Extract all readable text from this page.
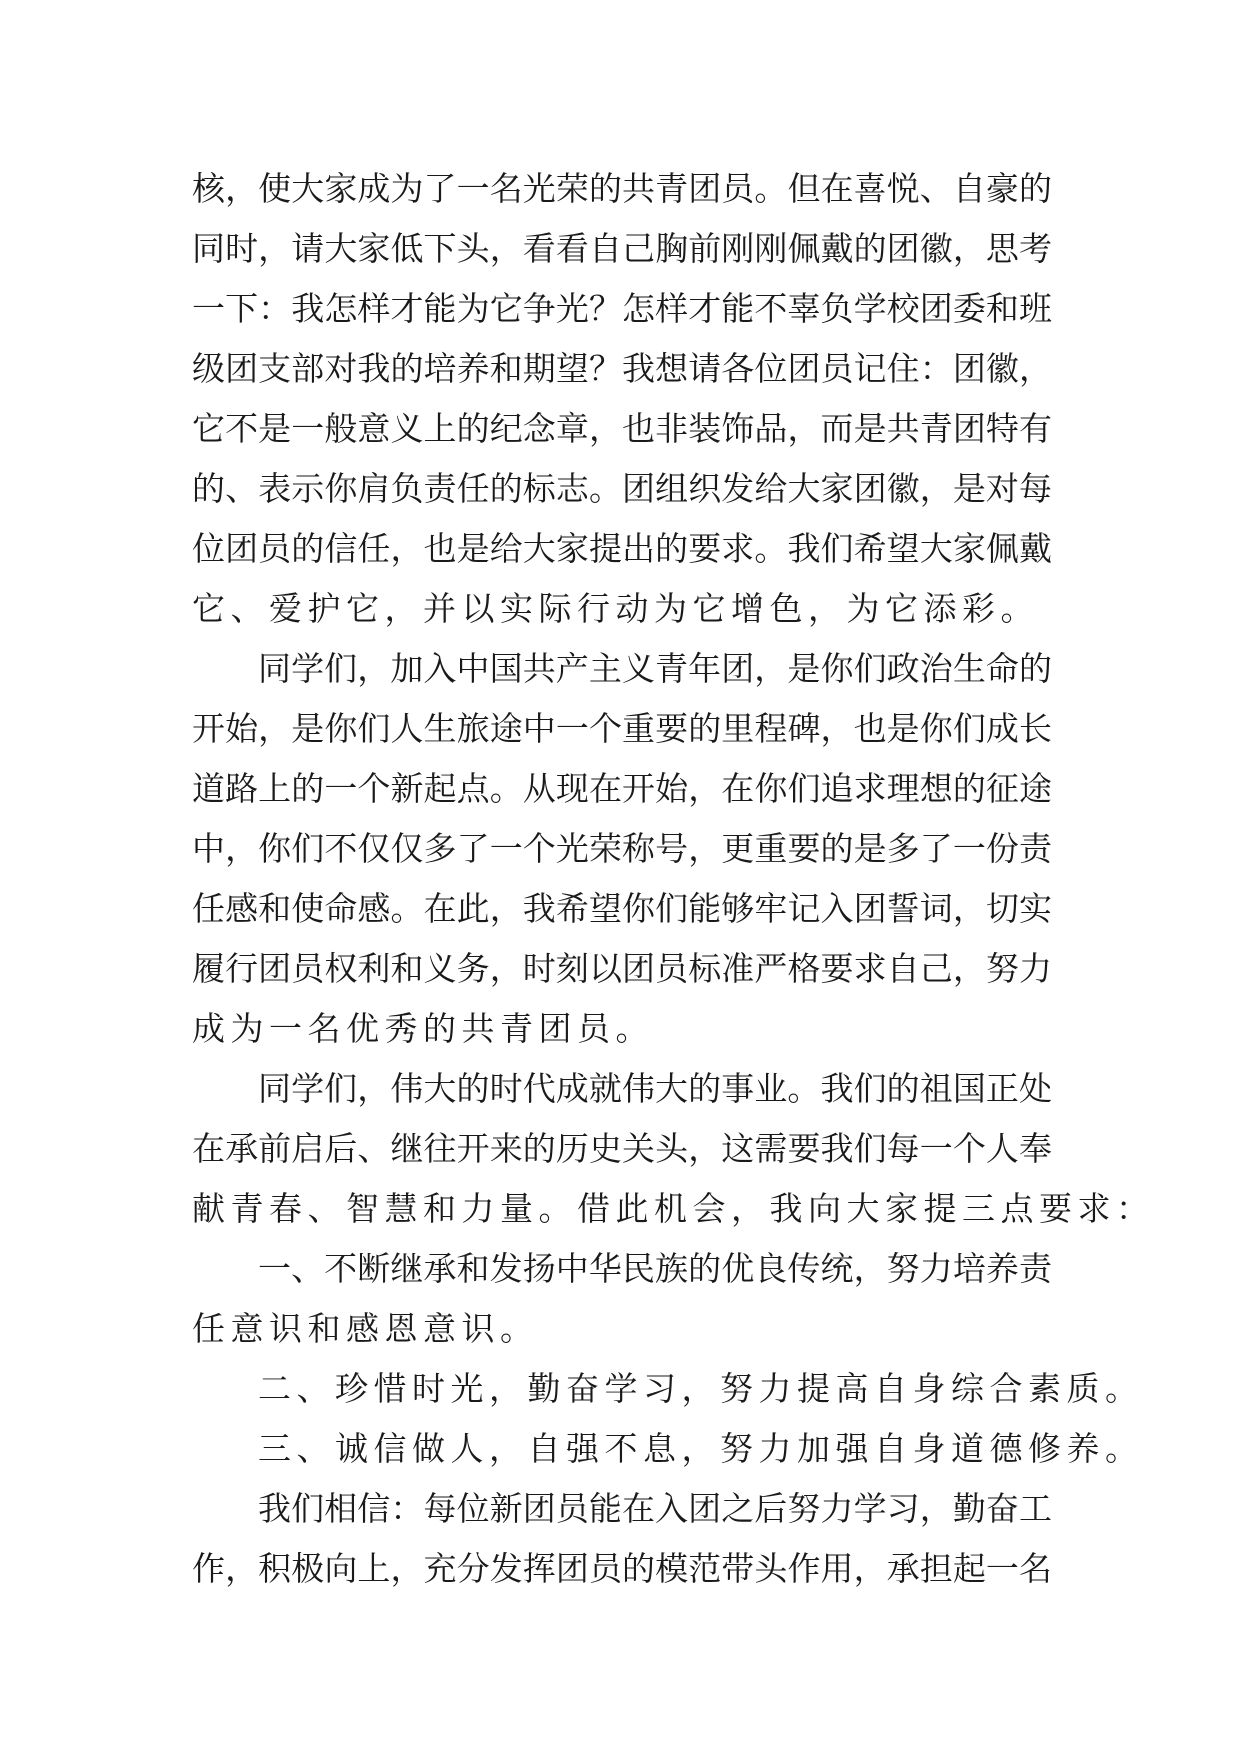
核，使大家成为了一名光荣的共青团员。但在喜悦、自豪的
同时，请大家低下头，看看自己胸前刚刚佩戴的团徽，思考
一下：我怎样才能为它争光？怎样才能不辜负学校团委和班
级团支部对我的培养和期望？我想请各位团员记住：团徽，
它不是一般意义上的纪念章，也非装饰品，而是共青团特有
的、表示你肩负责任的标志。团组织发给大家团徽，是对每
位团员的信任，也是给大家提出的要求。我们希望大家佩戴
它、爱护它，并以实际行动为它增色，为它添彩。
同学们，加入中国共产主义青年团，是你们政治生命的
开始，是你们人生旅途中一个重要的里程碑，也是你们成长
道路上的一个新起点。从现在开始，在你们追求理想的征途
中，你们不仅仅多了一个光荣称号，更重要的是多了一份责
任感和使命感。在此，我希望你们能够牢记入团誓词，切实
履行团员权利和义务，时刻以团员标准严格要求自己，努力
成为一名优秀的共青团员。
同学们，伟大的时代成就伟大的事业。我们的祖国正处
在承前启后、继往开来的历史关头，这需要我们每一个人奉
献青春、智慧和力量。借此机会，我向大家提三点要求：
一、不断继承和发扬中华民族的优良传统，努力培养责
任意识和感恩意识。
二、珍惜时光，勤奋学习，努力提高自身综合素质。
三、诚信做人，自强不息，努力加强自身道德修养。
我们相信：每位新团员能在入团之后努力学习，勤奋工
作，积极向上，充分发挥团员的模范带头作用，承担起一名
